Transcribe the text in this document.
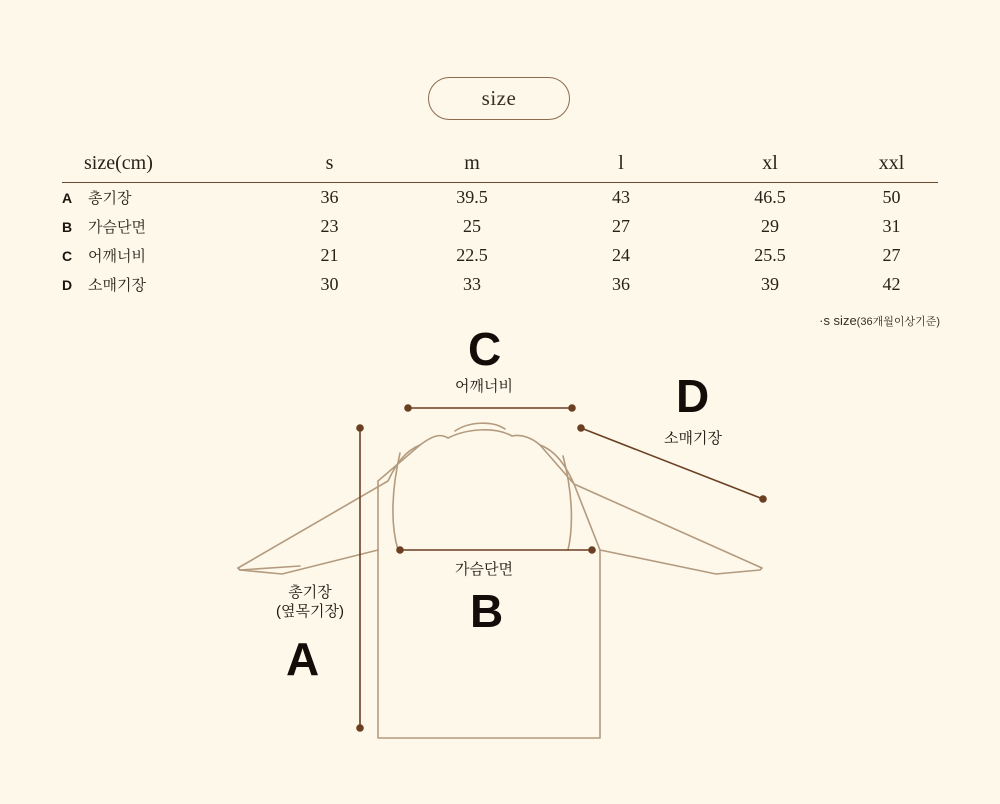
size
size(cm)	s	m	l	xl	xxl
A 총기장	36	39.5	43	46.5	50
B 가슴단면	23	25	27	29	31
C 어깨너비	21	22.5	24	25.5	27
D 소매기장	30	33	36	39	42
·s size(36개월이상기준)
C
D
B
A
어깨너비
소매기장
가슴단면
총기장
(옆목기장)
